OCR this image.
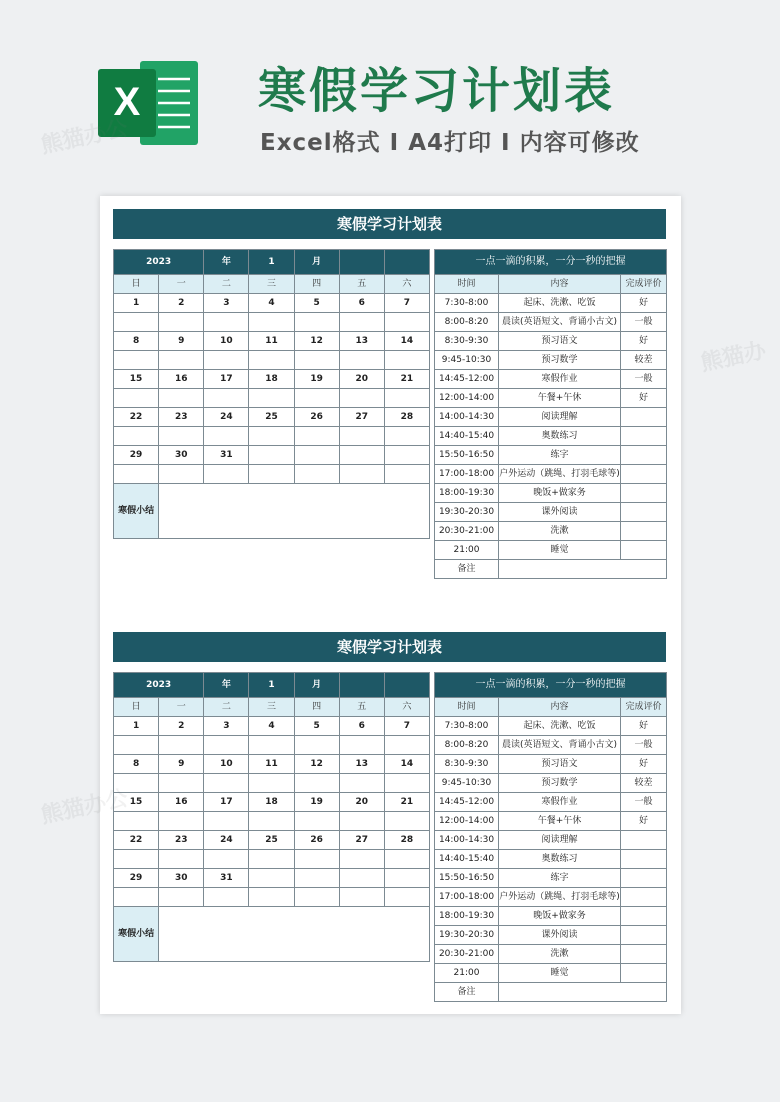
X 寒假学习计划表
Excel格式 I A4打印 I 内容可修改
寒假学习计划表
2023		年	1	月		
日	一	二	三	四	五	六
1	2	3	4	5	6	7

8	9	10	11	12	13	14

15	16	17	18	19	20	21

22	23	24	25	26	27	28

29	30	31				

寒假小结						
一点一滴的积累，一分一秒的把握		
时间	内容	完成评价
7:30-8:00	起床、洗漱、吃饭	好
8:00-8:20	晨读(英语短文、背诵小古文)	一般
8:30-9:30	预习语文	好
9:45-10:30	预习数学	较差
14:45-12:00	寒假作业	一般
12:00-14:00	午餐+午休	好
14:00-14:30	阅读理解	
14:40-15:40	奥数练习	
15:50-16:50	练字	
17:00-18:00	户外运动（跳绳、打羽毛球等)	
18:00-19:30	晚饭+做家务	
19:30-20:30	课外阅读	
20:30-21:00	洗漱	
21:00	睡觉	
备注		
寒假学习计划表
2023		年	1	月		
日	一	二	三	四	五	六
1	2	3	4	5	6	7

8	9	10	11	12	13	14

15	16	17	18	19	20	21

22	23	24	25	26	27	28

29	30	31				

寒假小结						
一点一滴的积累，一分一秒的把握		
时间	内容	完成评价
7:30-8:00	起床、洗漱、吃饭	好
8:00-8:20	晨读(英语短文、背诵小古文)	一般
8:30-9:30	预习语文	好
9:45-10:30	预习数学	较差
14:45-12:00	寒假作业	一般
12:00-14:00	午餐+午休	好
14:00-14:30	阅读理解	
14:40-15:40	奥数练习	
15:50-16:50	练字	
17:00-18:00	户外运动（跳绳、打羽毛球等)	
18:00-19:30	晚饭+做家务	
19:30-20:30	课外阅读	
20:30-21:00	洗漱	
21:00	睡觉	
备注		
熊猫办公
熊猫办
熊猫办公
